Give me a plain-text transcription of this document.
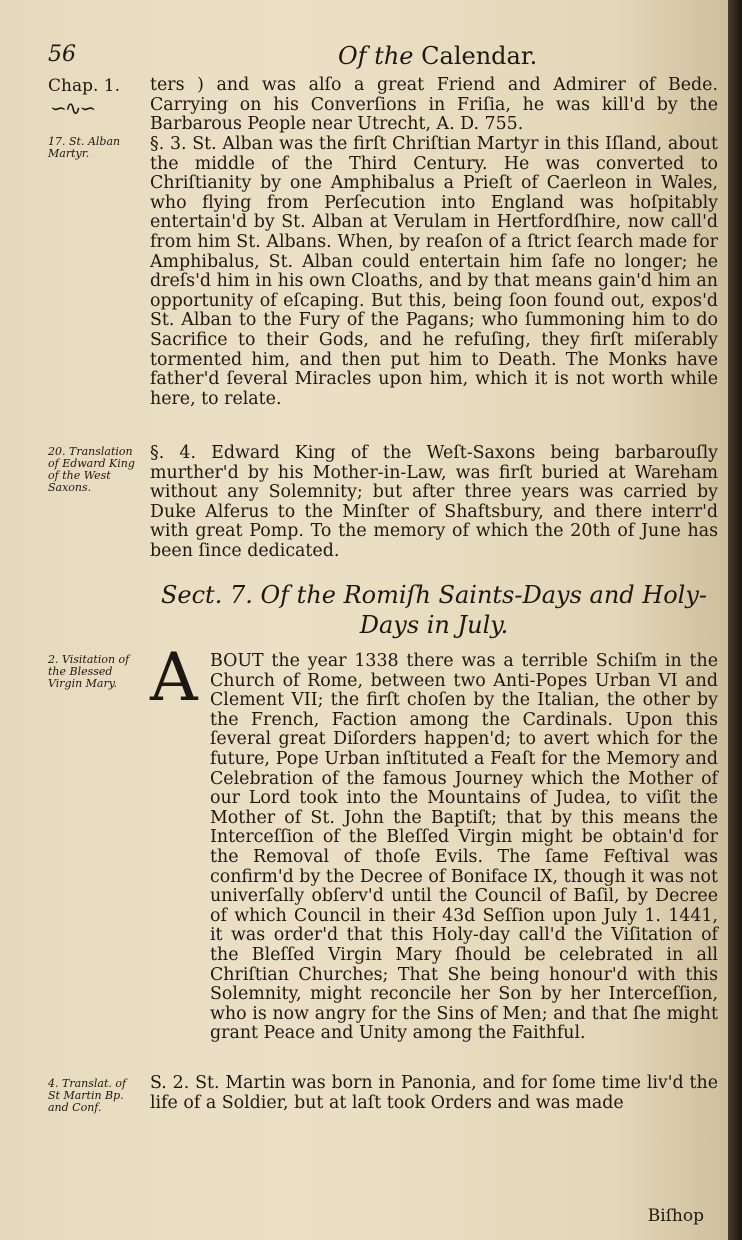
56	Of the Calendar.
Chap. 1.
∽∿∽

ters ) and was alſo a great Friend and Admirer of Bede. Carrying on his Converſions in Friſia, he was kill'd by the Barbarous People near Utrecht, A. D. 755.

17. St. Alban Martyr.	§. 3. St. Alban was the firſt Chriſtian Martyr in this Iſland, about the middle of the Third Century. He was converted to Chriſtianity by one Amphibalus a Prieſt of Caerleon in Wales, who flying from Perſecution into England was hoſpitably entertain'd by St. Alban at Verulam in Hertfordſhire, now call'd from him St. Albans. When, by reaſon of a ſtrict ſearch made for Amphibalus, St. Alban could entertain him ſafe no longer; he dreſs'd him in his own Cloaths, and by that means gain'd him an opportunity of eſcaping. But this, being ſoon found out, expos'd St. Alban to the Fury of the Pagans; who ſummoning him to do Sacrifice to their Gods, and he refuſing, they firſt miſerably tormented him, and then put him to Death. The Monks have father'd ſeveral Miracles upon him, which it is not worth while here, to relate.

20. Translation of Edward King of the West Saxons.

§. 4. Edward King of the Weſt-Saxons being barbarouſly murther'd by his Mother-in-Law, was firſt buried at Wareham without any Solemnity; but after three years was carried by Duke Alferus to the Minſter of Shaftsbury, and there interr'd with great Pomp. To the memory of which the 20th of June has been ſince dedicated.

Sect. 7. Of the Romiſh Saints-Days and Holy-Days in July.
2. Visitation of the Blessed Virgin Mary. A BOUT the year 1338 there was a terrible Schiſm in the Church of Rome, between two Anti-Popes Urban VI and Clement VII; the firſt choſen by the Italian, the other by the French, Faction among the Cardinals. Upon this ſeveral great Diſorders happen'd; to avert which for the future, Pope Urban inſtituted a Feaſt for the Memory and Celebration of the famous Journey which the Mother of our Lord took into the Mountains of Judea, to viſit the Mother of St. John the Baptiſt; that by this means the Interceſſion of the Bleſſed Virgin might be obtain'd for the Removal of thoſe Evils. The ſame Feſtival was confirm'd by the Decree of Boniface IX, though it was not univerſally obſerv'd until the Council of Baſil, by Decree of which Council in their 43d Seſſion upon July 1. 1441, it was order'd that this Holy-day call'd the Viſitation of the Bleſſed Virgin Mary ſhould be celebrated in all Chriſtian Churches; That She being honour'd with this Solemnity, might reconcile her Son by her Interceſſion, who is now angry for the Sins of Men; and that ſhe might grant Peace and Unity among the Faithful.

4. Translat. of St Martin Bp. and Conf.

S. 2. St. Martin was born in Panonia, and for ſome time liv'd the life of a Soldier, but at laſt took Orders and was made

Biſhop
